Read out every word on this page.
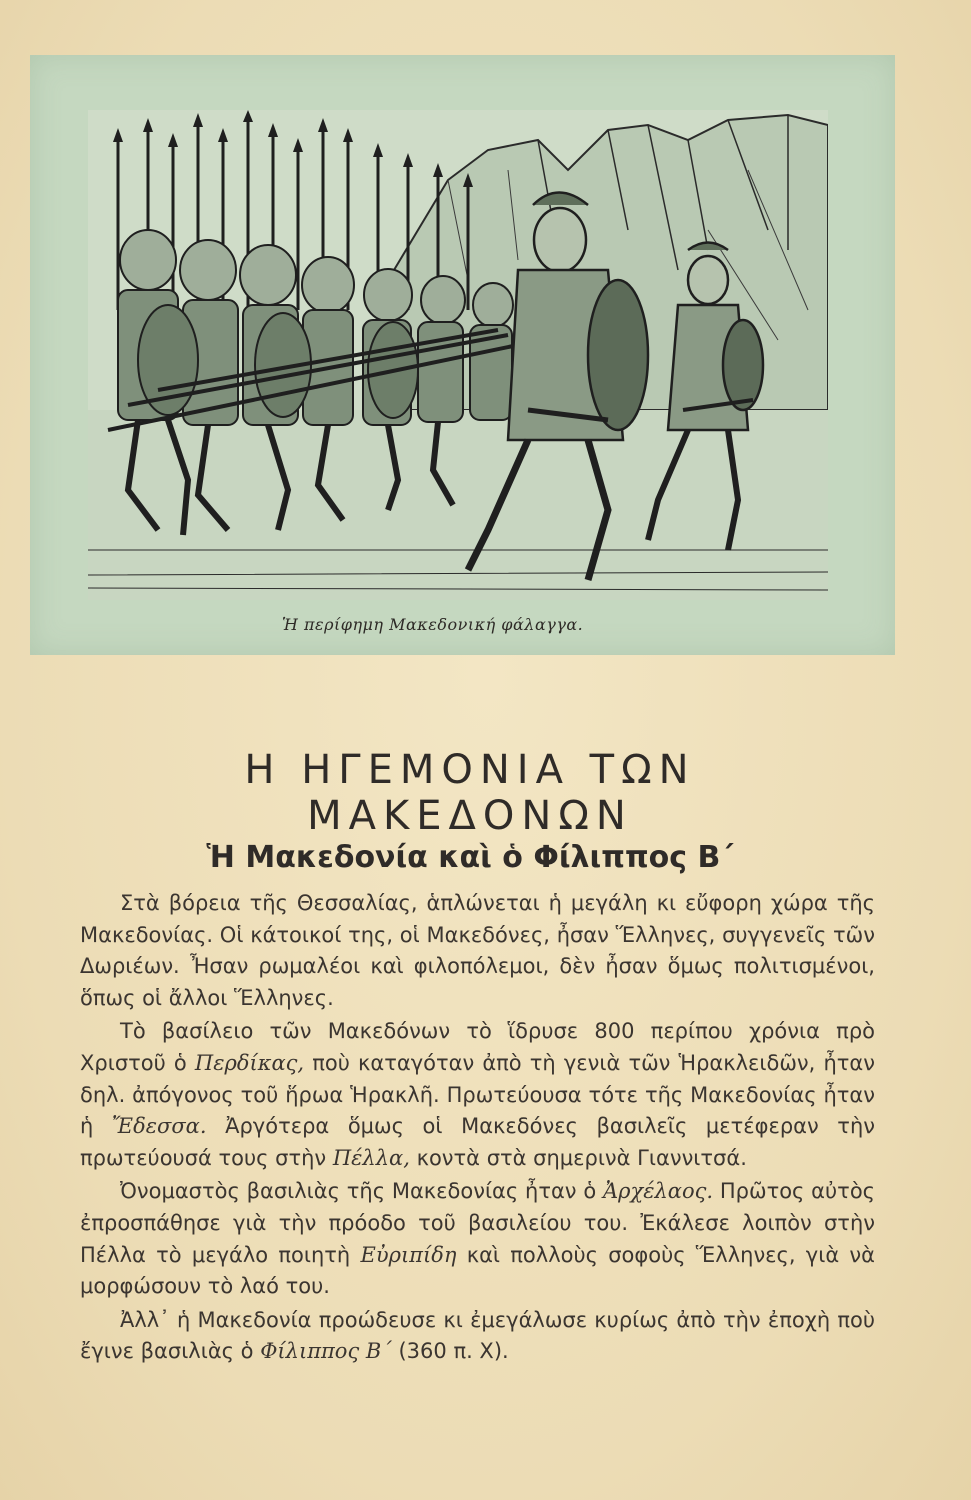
Ἡ περίφημη Μακεδονική φάλαγγα.
Η ΗΓΕΜΟΝΙΑ ΤΩΝ ΜΑΚΕΔΟΝΩΝ
Ἡ Μακεδονία καὶ ὁ Φίλιππος Β΄

Στὰ βόρεια τῆς Θεσσαλίας, ἁπλώνεται ἡ μεγάλη κι εὔφορη χώρα τῆς Μακεδονίας. Οἱ κάτοικοί της, οἱ Μακεδόνες, ἦσαν Ἕλληνες, συγγενεῖς τῶν Δωριέων. Ἦσαν ρωμαλέοι καὶ φιλοπόλεμοι, δὲν ἦσαν ὅμως πολιτισμένοι, ὅπως οἱ ἄλλοι Ἕλληνες.

Τὸ βασίλειο τῶν Μακεδόνων τὸ ἵδρυσε 800 περίπου χρόνια πρὸ Χριστοῦ ὁ Περδίκας, ποὺ καταγόταν ἀπὸ τὴ γενιὰ τῶν Ἡρακλειδῶν, ἦταν δηλ. ἀπόγονος τοῦ ἥρωα Ἡρακλῆ. Πρωτεύουσα τότε τῆς Μακεδονίας ἦταν ἡ Ἔδεσσα. Ἀργότερα ὅμως οἱ Μακεδόνες βασιλεῖς μετέφεραν τὴν πρωτεύουσά τους στὴν Πέλλα, κοντὰ στὰ σημερινὰ Γιαννιτσά.

Ὀνομαστὸς βασιλιὰς τῆς Μακεδονίας ἦταν ὁ Ἀρχέλαος. Πρῶτος αὐτὸς ἐπροσπάθησε γιὰ τὴν πρόοδο τοῦ βασιλείου του. Ἐκάλεσε λοιπὸν στὴν Πέλλα τὸ μεγάλο ποιητὴ Εὐριπίδη καὶ πολλοὺς σοφοὺς Ἕλληνες, γιὰ νὰ μορφώσουν τὸ λαό του.

Ἀλλ᾿ ἡ Μακεδονία προώδευσε κι ἐμεγάλωσε κυρίως ἀπὸ τὴν ἐποχὴ ποὺ ἔγινε βασιλιὰς ὁ Φίλιππος Β΄ (360 π. Χ).
